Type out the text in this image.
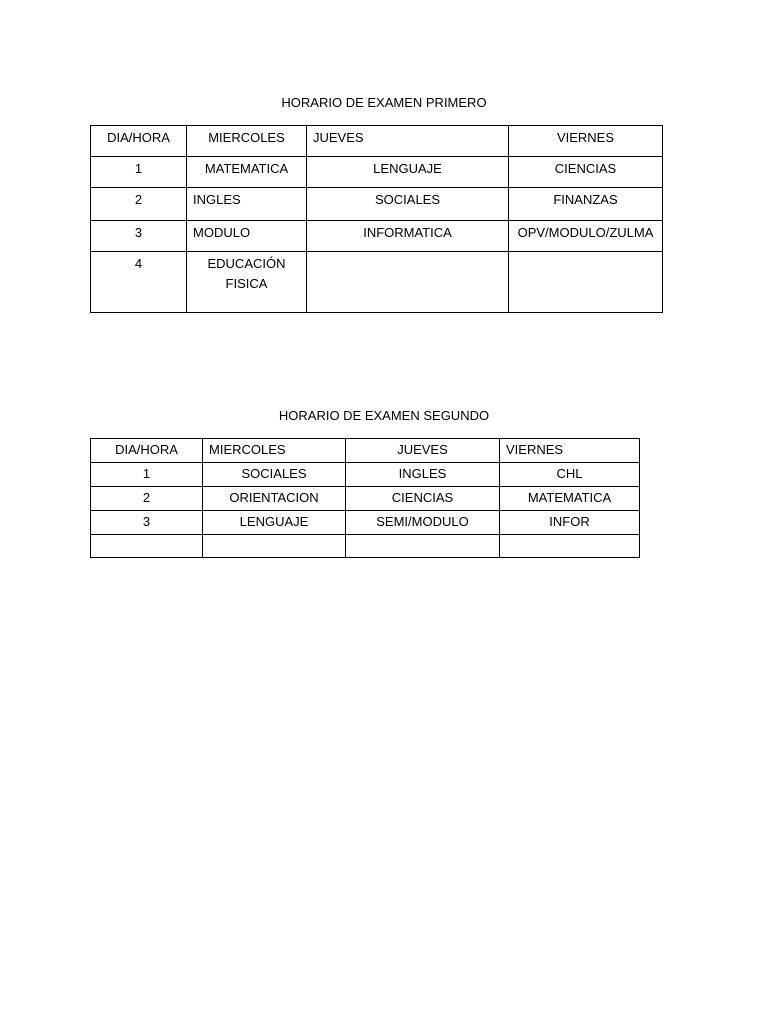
HORARIO DE EXAMEN PRIMERO
DIA/HORA	MIERCOLES	JUEVES	VIERNES
1	MATEMATICA	LENGUAJE	CIENCIAS
2	INGLES	SOCIALES	FINANZAS
3	MODULO	INFORMATICA	OPV/MODULO/ZULMA
4	EDUCACIÓN FISICA		
HORARIO DE EXAMEN SEGUNDO
DIA/HORA	MIERCOLES	JUEVES	VIERNES
1	SOCIALES	INGLES	CHL
2	ORIENTACION	CIENCIAS	MATEMATICA
3	LENGUAJE	SEMI/MODULO	INFOR
